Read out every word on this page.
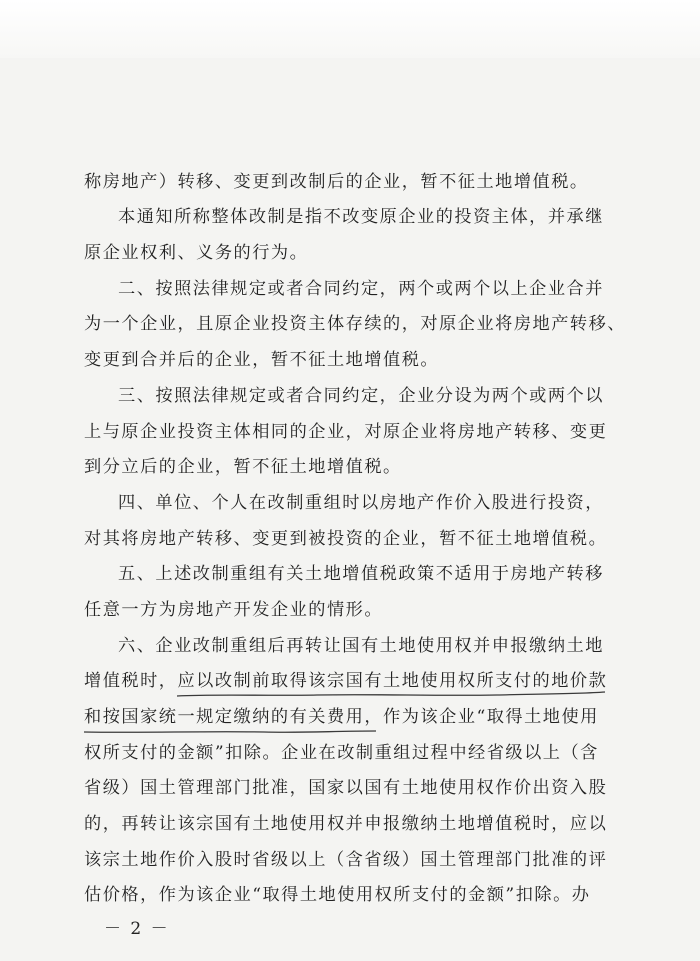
称房地产）转移、变更到改制后的企业，暂不征土地增值税。
本通知所称整体改制是指不改变原企业的投资主体，并承继
原企业权利、义务的行为。
二、按照法律规定或者合同约定，两个或两个以上企业合并
为一个企业，且原企业投资主体存续的，对原企业将房地产转移、
变更到合并后的企业，暂不征土地增值税。
三、按照法律规定或者合同约定，企业分设为两个或两个以
上与原企业投资主体相同的企业，对原企业将房地产转移、变更
到分立后的企业，暂不征土地增值税。
四、单位、个人在改制重组时以房地产作价入股进行投资，
对其将房地产转移、变更到被投资的企业，暂不征土地增值税。
五、上述改制重组有关土地增值税政策不适用于房地产转移
任意一方为房地产开发企业的情形。
六、企业改制重组后再转让国有土地使用权并申报缴纳土地
增值税时，应以改制前取得该宗国有土地使用权所支付的地价款
和按国家统一规定缴纳的有关费用
，作为该企业“取得土地使用
权所支付的金额”扣除。企业在改制重组过程中经省级以上（含
省级）国土管理部门批准，国家以国有土地使用权作价出资入股
的，再转让该宗国有土地使用权并申报缴纳土地增值税时，应以
该宗土地作价入股时省级以上（含省级）国土管理部门批准的评
估价格，作为该企业“取得土地使用权所支付的金额”扣除。办
－ 2 －
